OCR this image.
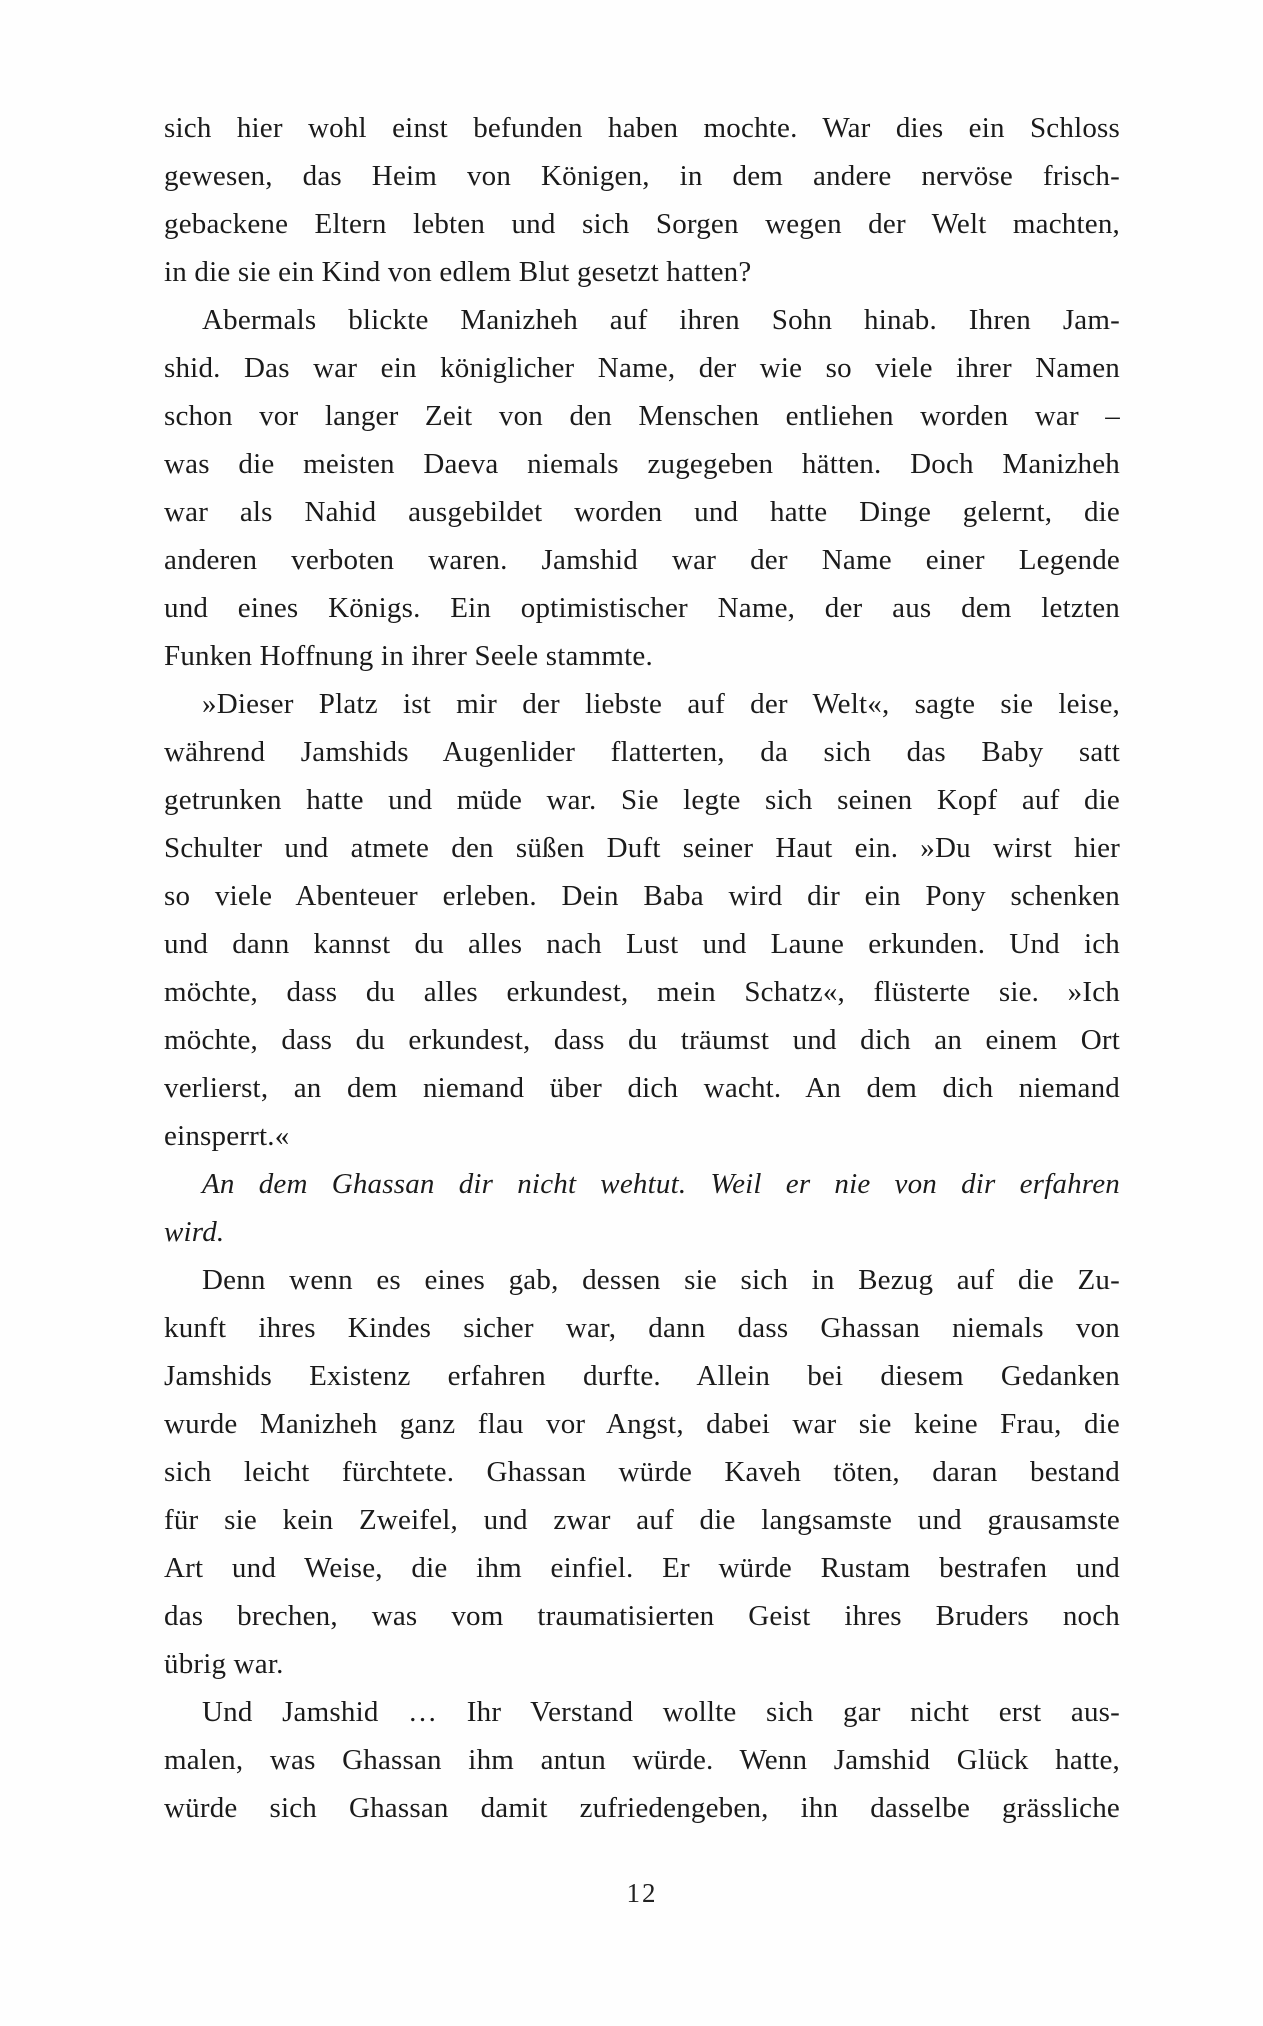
sich hier wohl einst befunden haben mochte. War dies ein Schloss
gewesen, das Heim von Königen, in dem andere nervöse frisch-
gebackene Eltern lebten und sich Sorgen wegen der Welt machten,
in die sie ein Kind von edlem Blut gesetzt hatten?
Abermals blickte Manizheh auf ihren Sohn hinab. Ihren Jam-
shid. Das war ein königlicher Name, der wie so viele ihrer Namen
schon vor langer Zeit von den Menschen entliehen worden war –
was die meisten Daeva niemals zugegeben hätten. Doch Manizheh
war als Nahid ausgebildet worden und hatte Dinge gelernt, die
anderen verboten waren. Jamshid war der Name einer Legende
und eines Königs. Ein optimistischer Name, der aus dem letzten
Funken Hoffnung in ihrer Seele stammte.
»Dieser Platz ist mir der liebste auf der Welt«, sagte sie leise,
während Jamshids Augenlider flatterten, da sich das Baby satt
getrunken hatte und müde war. Sie legte sich seinen Kopf auf die
Schulter und atmete den süßen Duft seiner Haut ein. »Du wirst hier
so viele Abenteuer erleben. Dein Baba wird dir ein Pony schenken
und dann kannst du alles nach Lust und Laune erkunden. Und ich
möchte, dass du alles erkundest, mein Schatz«, flüsterte sie. »Ich
möchte, dass du erkundest, dass du träumst und dich an einem Ort
verlierst, an dem niemand über dich wacht. An dem dich niemand
einsperrt.«
An dem Ghassan dir nicht wehtut. Weil er nie von dir erfahren
wird.
Denn wenn es eines gab, dessen sie sich in Bezug auf die Zu-
kunft ihres Kindes sicher war, dann dass Ghassan niemals von
Jamshids Existenz erfahren durfte. Allein bei diesem Gedanken
wurde Manizheh ganz flau vor Angst, dabei war sie keine Frau, die
sich leicht fürchtete. Ghassan würde Kaveh töten, daran bestand
für sie kein Zweifel, und zwar auf die langsamste und grausamste
Art und Weise, die ihm einfiel. Er würde Rustam bestrafen und
das brechen, was vom traumatisierten Geist ihres Bruders noch
übrig war.
Und Jamshid … Ihr Verstand wollte sich gar nicht erst aus-
malen, was Ghassan ihm antun würde. Wenn Jamshid Glück hatte,
würde sich Ghassan damit zufriedengeben, ihn dasselbe grässliche
12
